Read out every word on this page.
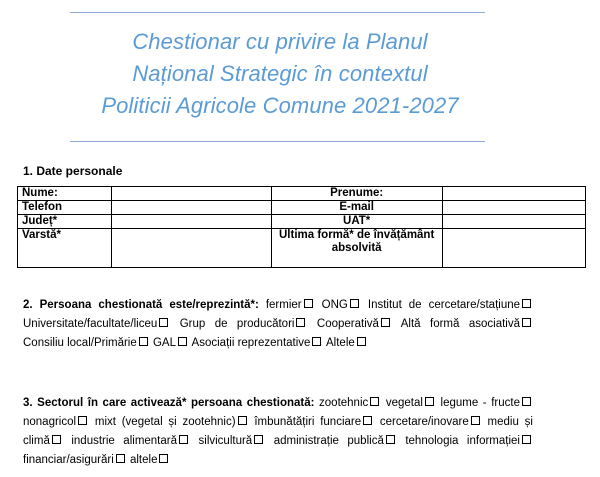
Chestionar cu privire la Planul
Național Strategic în contextul
Politicii Agricole Comune 2021-2027
1. Date personale
Nume:		Prenume:	
Telefon		E-mail	
Județ*		UAT*	
Varstă*		Ultima formă* de învățământ absolvită	
2. Persoana chestionată este/reprezintă*: fermier ONG Institut de cercetare/stațiune Universitate/facultate/liceu Grup de producători Cooperativă Altă formă asociativă Consiliu local/Primărie GAL Asociații reprezentative Altele
3. Sectorul în care activează* persoana chestionată: zootehnic vegetal legume - fructe nonagricol mixt (vegetal și zootehnic) îmbunătățiri funciare cercetare/inovare mediu și climă industrie alimentară silvicultură administrație publică tehnologia informației financiar/asigurări altele
